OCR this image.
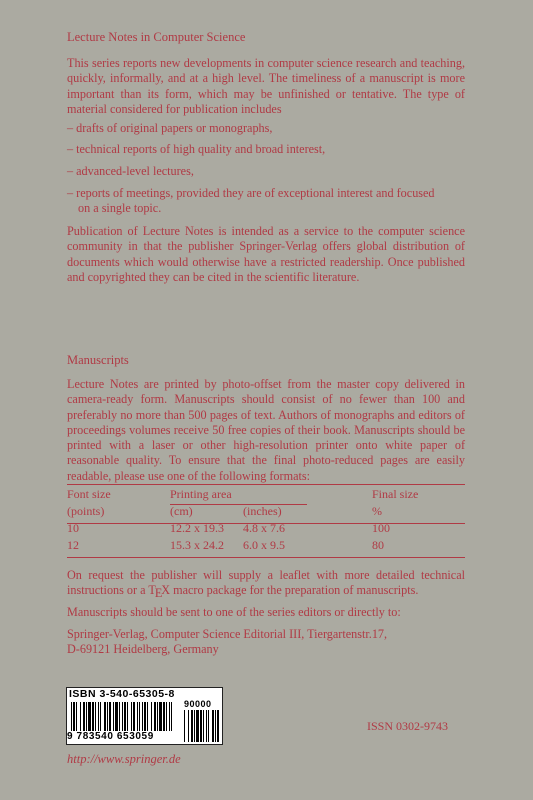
Lecture Notes in Computer Science

This series reports new developments in computer science research and teaching, quickly, informally, and at a high level. The timeliness of a manuscript is more important than its form, which may be unfinished or tentative. The type of material considered for publication includes

– drafts of original papers or monographs,
– technical reports of high quality and broad interest,
– advanced-level lectures,
– reports of meetings, provided they are of exceptional interest and focused
on a single topic.

Publication of Lecture Notes is intended as a service to the computer science community in that the publisher Springer-Verlag offers global distribution of documents which would otherwise have a restricted readership. Once published and copyrighted they can be cited in the scientific literature.

Manuscripts

Lecture Notes are printed by photo-offset from the master copy delivered in camera-ready form. Manuscripts should consist of no fewer than 100 and preferably no more than 500 pages of text. Authors of monographs and editors of proceedings volumes receive 50 free copies of their book. Manuscripts should be printed with a laser or other high-resolution printer onto white paper of reasonable quality. To ensure that the final photo-reduced pages are easily readable, please use one of the following formats:

Font size	Printing area		Final size
(points)	(cm)	(inches)	%
10	12.2 x 19.3	4.8 x 7.6	100
12	15.3 x 24.2	6.0 x 9.5	80

On request the publisher will supply a leaflet with more detailed technical instructions or a TEX macro package for the preparation of manuscripts.

Manuscripts should be sent to one of the series editors or directly to:

Springer-Verlag, Computer Science Editorial III, Tiergartenstr.17,
D-69121 Heidelberg, Germany
ISBN 3-540-65305-8
90000
9 783540 653059
ISSN 0302-9743
http://www.springer.de
